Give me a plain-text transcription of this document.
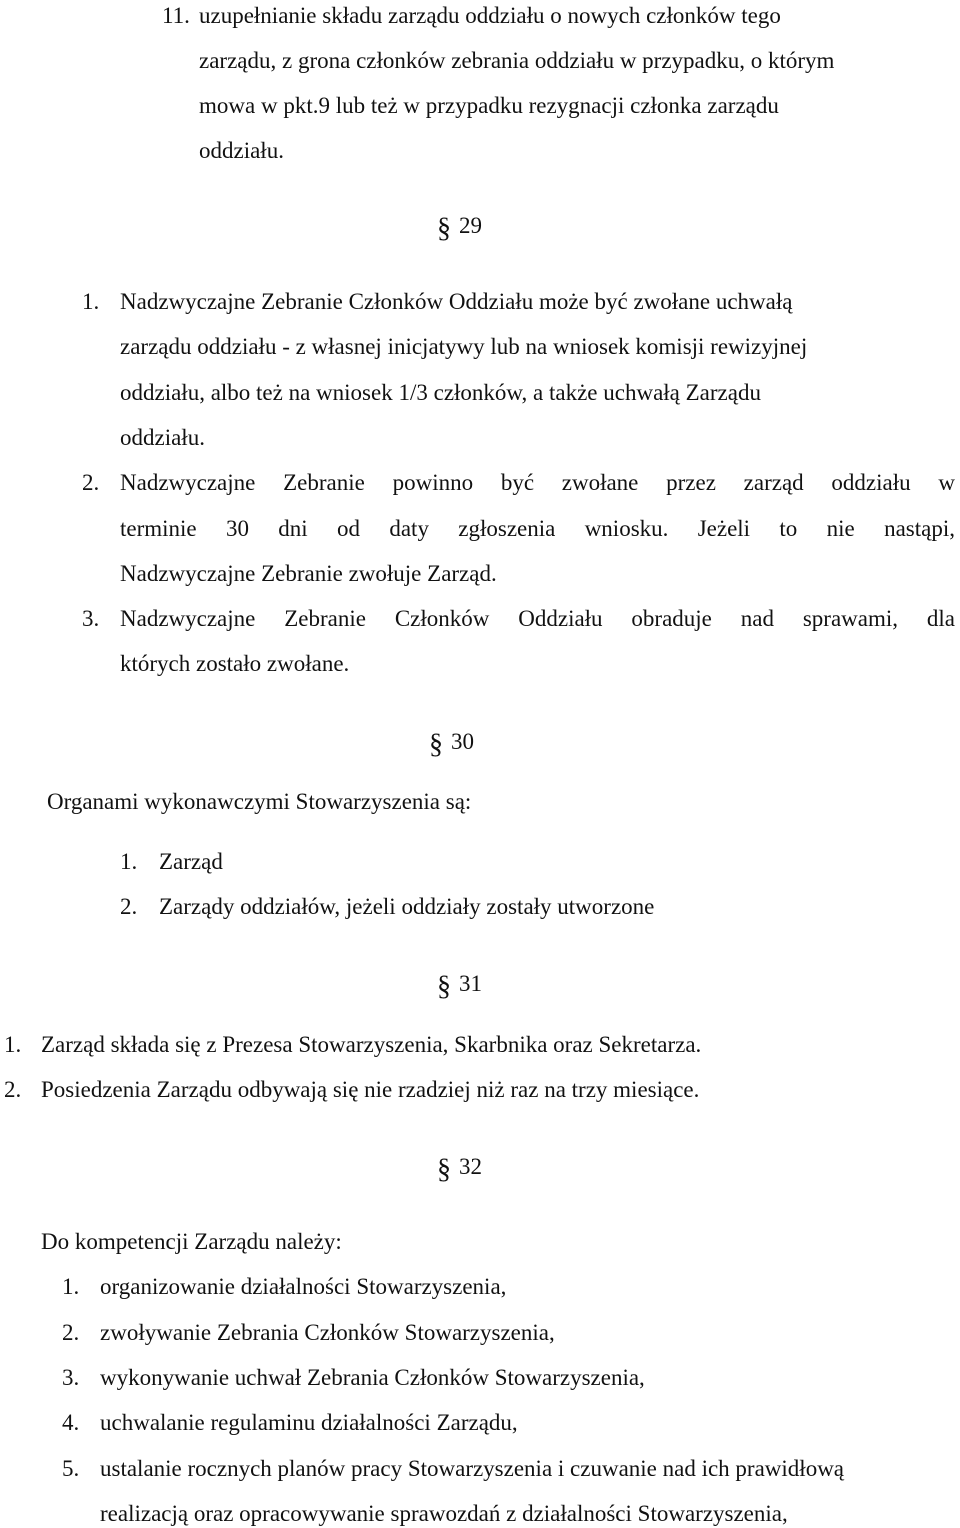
11. uzupełnianie składu zarządu oddziału o nowych członków tego
zarządu, z grona członków zebrania oddziału w przypadku, o którym
mowa w pkt.9 lub też w przypadku rezygnacji członka zarządu
oddziału.
§ 29
1. Nadzwyczajne Zebranie Członków Oddziału może być zwołane uchwałą
zarządu oddziału - z własnej inicjatywy lub na wniosek komisji rewizyjnej
oddziału, albo też na wniosek 1/3 członków, a także uchwałą Zarządu
oddziału.
2. Nadzwyczajne Zebranie powinno być zwołane przez zarząd oddziału w
terminie 30 dni od daty zgłoszenia wniosku. Jeżeli to nie nastąpi,
Nadzwyczajne Zebranie zwołuje Zarząd.
3. Nadzwyczajne Zebranie Członków Oddziału obraduje nad sprawami, dla
których zostało zwołane.
§ 30
Organami wykonawczymi Stowarzyszenia są:
1. Zarząd
2. Zarządy oddziałów, jeżeli oddziały zostały utworzone
§ 31
1. Zarząd składa się z Prezesa Stowarzyszenia, Skarbnika oraz Sekretarza.
2. Posiedzenia Zarządu odbywają się nie rzadziej niż raz na trzy miesiące.
§ 32
Do kompetencji Zarządu należy:
1. organizowanie działalności Stowarzyszenia,
2. zwoływanie Zebrania Członków Stowarzyszenia,
3. wykonywanie uchwał Zebrania Członków Stowarzyszenia,
4. uchwalanie regulaminu działalności Zarządu,
5. ustalanie rocznych planów pracy Stowarzyszenia i czuwanie nad ich prawidłową
realizacją oraz opracowywanie sprawozdań z działalności Stowarzyszenia,
